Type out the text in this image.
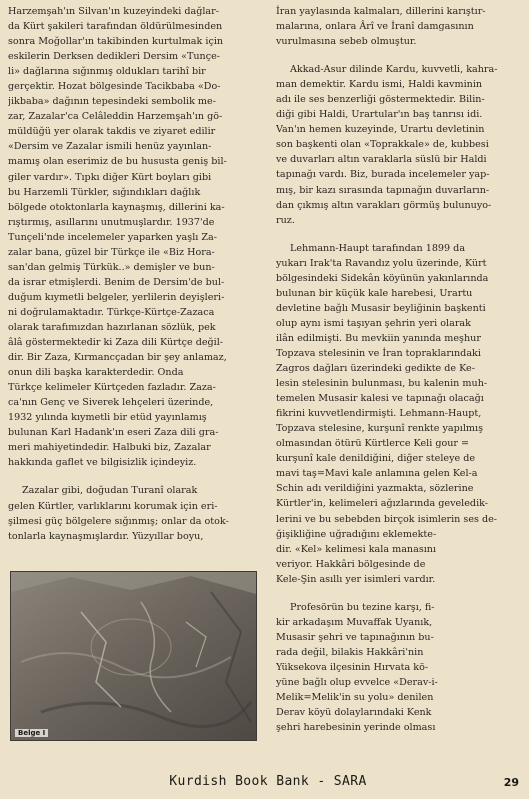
Harzemşah'ın Silvan'ın kuzeyindeki dağlar-
da Kürt şakileri tarafından öldürülmesinden
sonra Moğollar'ın takibinden kurtulmak için
eskilerin Derksen dedikleri Dersim «Tunçe-
li» dağlarına sığınmış oldukları tarihî bir
gerçektir. Hozat bölgesinde Tacikbaba «Do-
jikbaba» dağının tepesindeki sembolik me-
zar, Zazalar'ca Celâleddin Harzemşah'ın gö-
müldüğü yer olarak takdis ve ziyaret edilir
«Dersim ve Zazalar ismili henüz yayınlan-
mamış olan eserimiz de bu hususta geniş bil-
giler vardır». Tıpkı diğer Kürt boyları gibi
bu Harzemli Türkler, sığındıkları dağlık
bölgede otoktonlarla kaynaşmış, dillerini ka-
rıştırmış, asıllarını unutmuşlardır. 1937'de
Tunçeli'nde incelemeler yaparken yaşlı Za-
zalar bana, güzel bir Türkçe ile «Biz Hora-
san'dan gelmiş Türkük..» demişler ve bun-
da israr etmişlerdi. Benim de Dersim'de bul-
duğum kıymetli belgeler, yerlilerin deyişleri-
ni doğrulamaktadır. Türkçe-Kürtçe-Zazaca
olarak tarafımızdan hazırlanan sözlük, pek
âlâ göstermektedir ki Zaza dili Kürtçe değil-
dir. Bir Zaza, Kırmancçadan bir şey anlamaz,
onun dili başka karakterdedir. Onda
Türkçe kelimeler Kürtçeden fazladır. Zaza-
ca'nın Genç ve Siverek lehçeleri üzerinde,
1932 yılında kıymetli bir etüd yayınlamış
bulunan Karl Hadank'ın eseri Zaza dili gra-
meri mahiyetindedir. Halbuki biz, Zazalar
hakkında gaflet ve bilgisizlik içindeyiz.

Zazalar gibi, doğudan Turanî olarak
gelen Kürtler, varlıklarını korumak için eri-
şilmesi güç bölgelere sığınmış; onlar da otok-
tonlarla kaynaşmışlardır. Yüzyıllar boyu,

Belge I

İran yaylasında kalmaları, dillerini karıştır-
malarına, onlara Ârî ve İranî damgasının
vurulmasına sebeb olmuştur.

Akkad-Asur dilinde Kardu, kuvvetli, kahra-
man demektir. Kardu ismi, Haldi kavminin
adı ile ses benzerliği göstermektedir. Bilin-
diği gibi Haldi, Urartular'ın baş tanrısı idi.
Van'ın hemen kuzeyinde, Urartu devletinin
son başkenti olan «Toprakkale» de, kubbesi
ve duvarları altın varaklarla süslü bir Haldi
tapınağı vardı. Biz, burada incelemeler yap-
mış, bir kazı sırasında tapınağın duvarların-
dan çıkmış altın varakları görmüş bulunuyo-
ruz.

Lehmann-Haupt tarafından 1899 da
yukarı Irak'ta Ravandız yolu üzerinde, Kürt
bölgesindeki Sidekân köyünün yakınlarında
bulunan bir küçük kale harebesi, Urartu
devletine bağlı Musasir beyliğinin başkenti
olup aynı ismi taşıyan şehrin yeri olarak
ilân edilmişti. Bu mevkiin yanında meşhur
Topzava stelesinin ve İran topraklarındaki
Zagros dağları üzerindeki gedikte de Ke-
lesin stelesinin bulunması, bu kalenin muh-
temelen Musasir kalesi ve tapınağı olacağı
fikrini kuvvetlendirmişti. Lehmann-Haupt,
Topzava stelesine, kurşunî renkte yapılmış
olmasından ötürü Kürtlerce Keli gour =
kurşunî kale denildiğini, diğer steleye de
mavi taş=Mavi kale anlamına gelen Kel-a
Schin adı verildiğini yazmakta, sözlerine
Kürtler'in, kelimeleri ağızlarında geveledik-
lerini ve bu sebebden birçok isimlerin ses de-
ğişikliğine uğradığını eklemekte-
dir. «Kel» kelimesi kala manasını
veriyor. Hakkâri bölgesinde de
Kele-Şin asıllı yer isimleri vardır.

Profesörün bu tezine karşı, fi-
kir arkadaşım Muvaffak Uyanık,
Musasir şehri ve tapınağının bu-
rada değil, bilakis Hakkâri'nin
Yüksekova ilçesinin Hırvata kö-
yüne bağlı olup evvelce «Derav-i-
Melik=Melik'in su yolu» denilen
Derav köyü dolaylarındaki Kenk
şehri harebesinin yerinde olması

Kurdish Book Bank - SARA	29
